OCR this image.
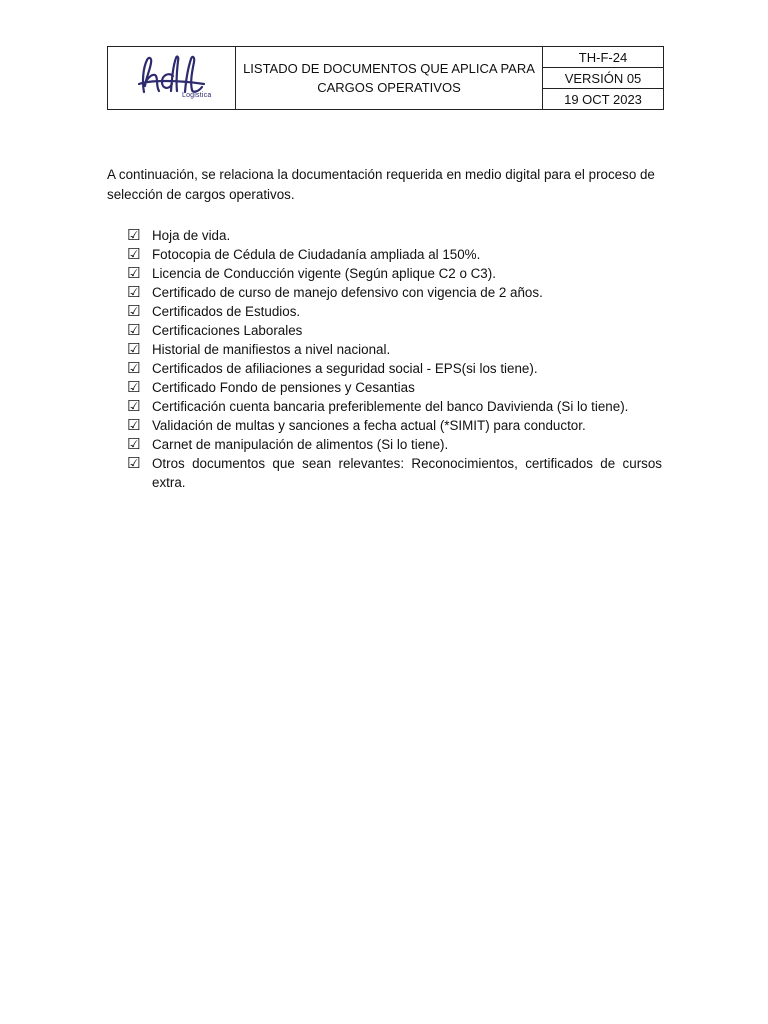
Logistica
	LISTADO DE DOCUMENTOS QUE APLICA PARA CARGOS OPERATIVOS	TH-F-24
VERSIÓN 05
19 OCT 2023

A continuación, se relaciona la documentación requerida en medio digital para el proceso de selección de cargos operativos.

☑ Hoja de vida.
☑ Fotocopia de Cédula de Ciudadanía ampliada al 150%.
☑ Licencia de Conducción vigente (Según aplique C2 o C3).
☑ Certificado de curso de manejo defensivo con vigencia de 2 años.
☑ Certificados de Estudios.
☑ Certificaciones Laborales
☑ Historial de manifiestos a nivel nacional.
☑ Certificados de afiliaciones a seguridad social - EPS(si los tiene).
☑ Certificado Fondo de pensiones y Cesantias
☑ Certificación cuenta bancaria preferiblemente del banco Davivienda (Si lo tiene).
☑ Validación de multas y sanciones a fecha actual (*SIMIT) para conductor.
☑ Carnet de manipulación de alimentos (Si lo tiene).
☑ Otros documentos que sean relevantes: Reconocimientos, certificados de cursos extra.
